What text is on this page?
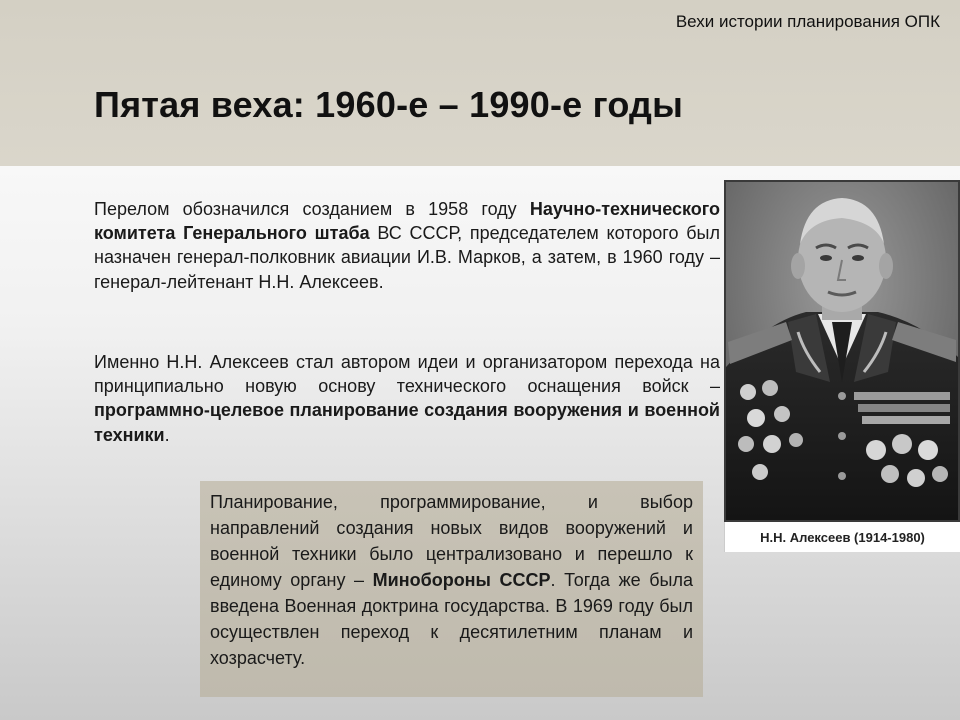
Вехи истории планирования ОПК
Пятая веха: 1960-е – 1990-е годы
Перелом обозначился созданием в 1958 году Научно-технического комитета Генерального штаба ВС СССР, председателем которого был назначен генерал-полковник авиации И.В. Марков, а затем, в 1960 году – генерал-лейтенант Н.Н. Алексеев.
Именно Н.Н. Алексеев стал автором идеи и организатором перехода на принципиально новую основу технического оснащения войск – программно-целевое планирование создания вооружения и военной техники.
Планирование, программирование, и выбор направлений создания новых видов вооружений и военной техники было централизовано и перешло к единому органу – Минобороны СССР. Тогда же была введена Военная доктрина государства. В 1969 году был осуществлен переход к десятилетним планам и хозрасчету.
Н.Н. Алексеев (1914-1980)
